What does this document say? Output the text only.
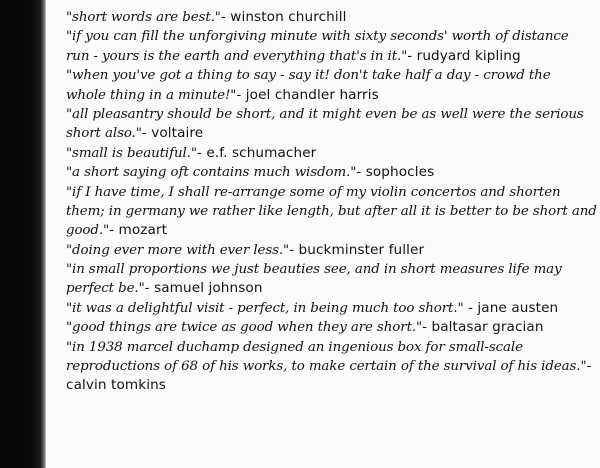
"short words are best."- winston churchill
"if you can fill the unforgiving minute with sixty seconds' worth of distance
run - yours is the earth and everything that's in it."- rudyard kipling
"when you've got a thing to say - say it! don't take half a day - crowd the
whole thing in a minute!"- joel chandler harris
"all pleasantry should be short, and it might even be as well were the serious
short also."- voltaire
"small is beautiful."- e.f. schumacher
"a short saying oft contains much wisdom."- sophocles
"if I have time, I shall re-arrange some of my violin concertos and shorten
them; in germany we rather like length, but after all it is better to be short and
good."- mozart
"doing ever more with ever less."- buckminster fuller
"in small proportions we just beauties see, and in short measures life may
perfect be."- samuel johnson
"it was a delightful visit - perfect, in being much too short." - jane austen
"good things are twice as good when they are short."- baltasar gracian
"in 1938 marcel duchamp designed an ingenious box for small-scale
reproductions of 68 of his works, to make certain of the survival of his ideas."-
calvin tomkins
